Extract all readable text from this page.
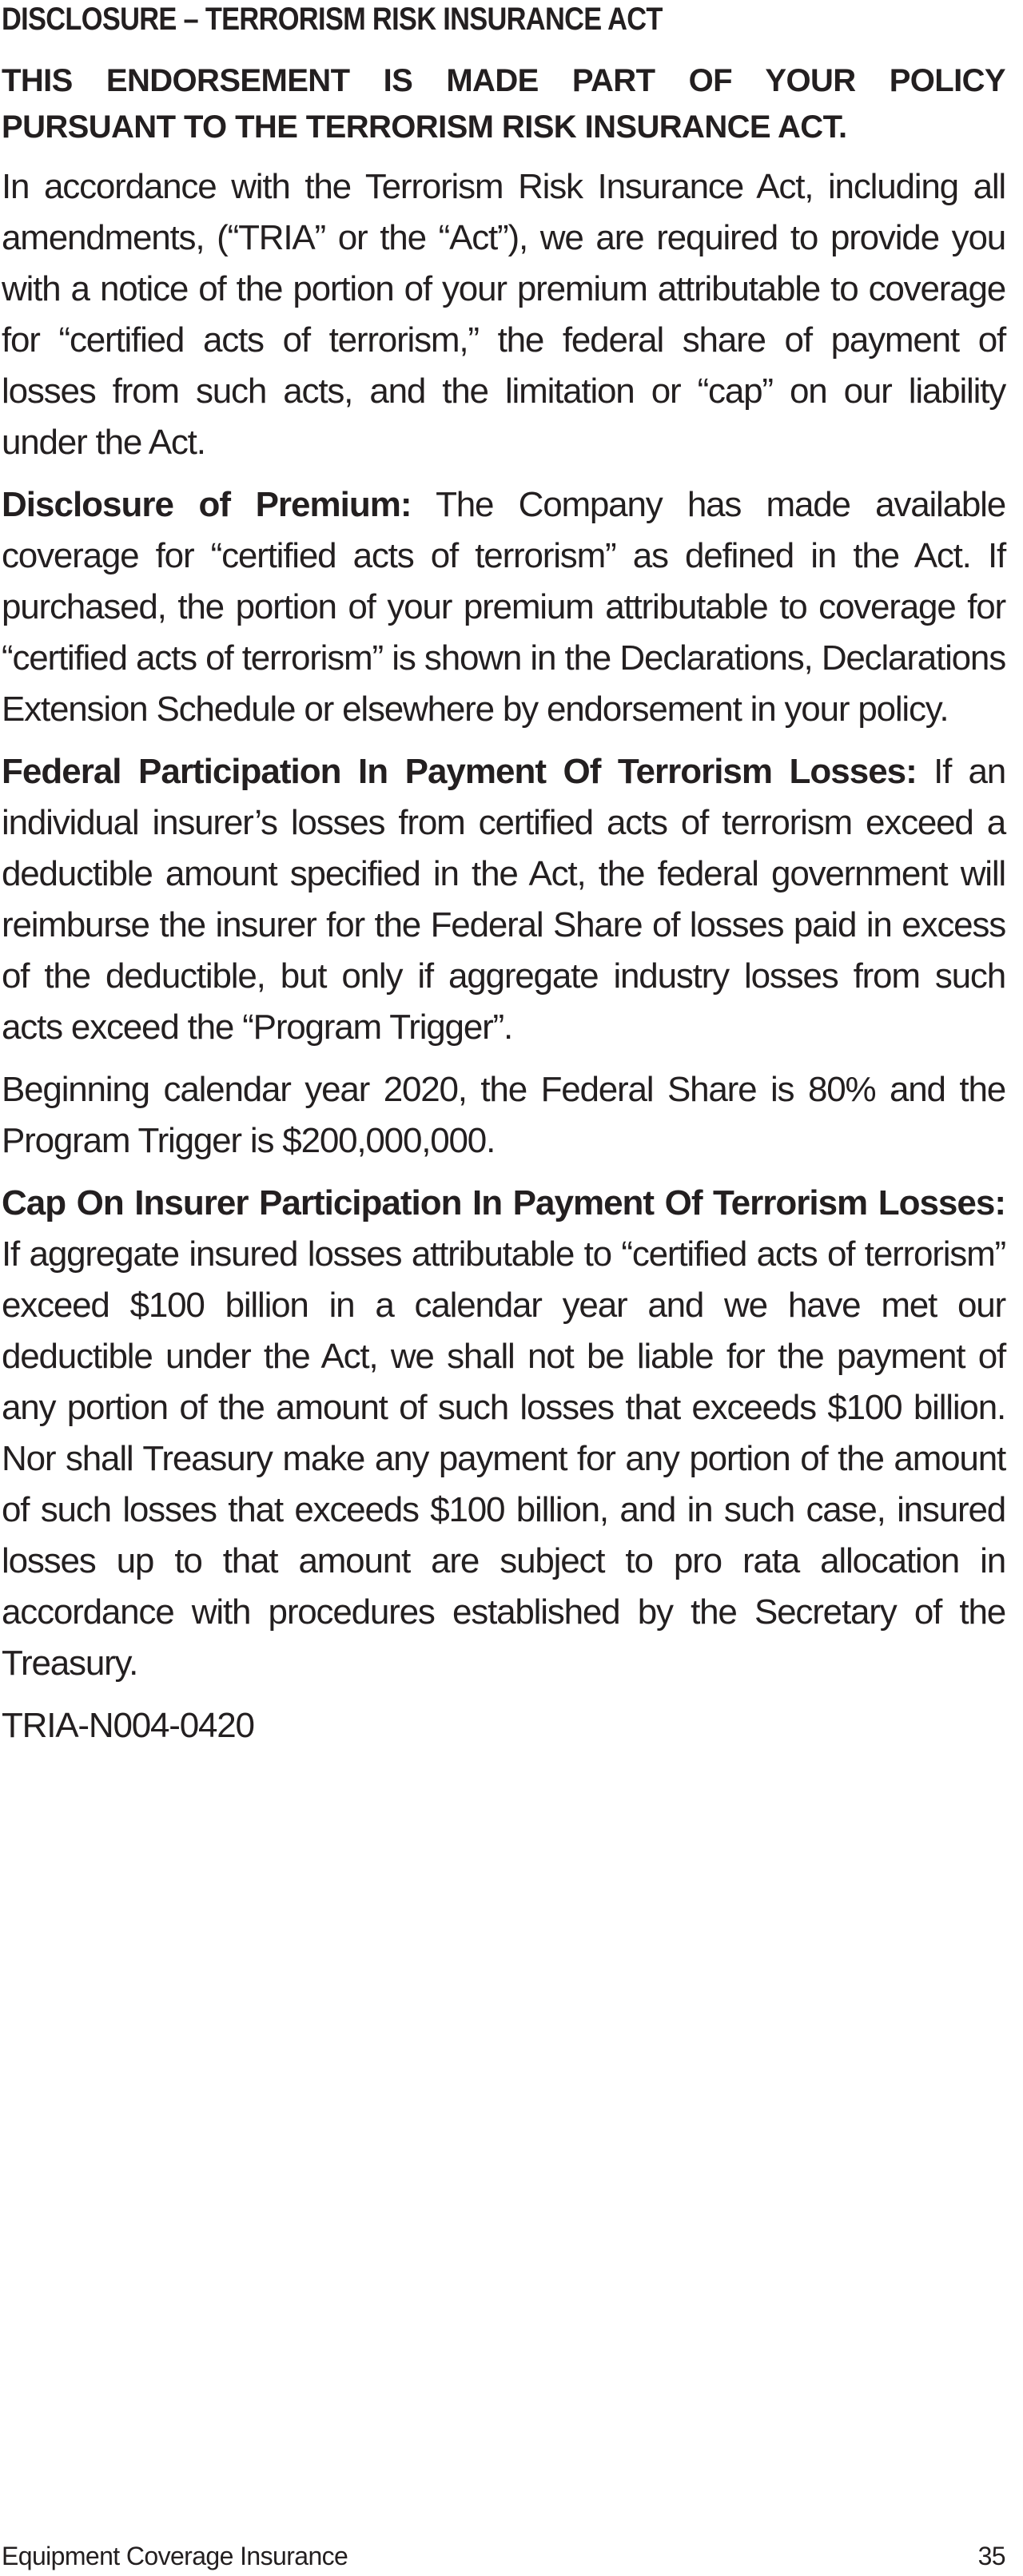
DISCLOSURE – TERRORISM RISK INSURANCE ACT

THIS ENDORSEMENT IS MADE PART OF YOUR POLICY PURSUANT TO THE TERRORISM RISK INSURANCE ACT.

In accordance with the Terrorism Risk Insurance Act, including all amendments, (“TRIA” or the “Act”), we are required to provide you with a notice of the portion of your premium attributable to coverage for “certified acts of terrorism,” the federal share of payment of losses from such acts, and the limitation or “cap” on our liability under the Act.

Disclosure of Premium: The Company has made available coverage for “certified acts of terrorism” as defined in the Act. If purchased, the portion of your premium attributable to coverage for “certified acts of terrorism” is shown in the Declarations, Declarations Extension Schedule or elsewhere by endorsement in your policy.

Federal Participation In Payment Of Terrorism Losses: If an individual insurer’s losses from certified acts of terrorism exceed a deductible amount specified in the Act, the federal government will reimburse the insurer for the Federal Share of losses paid in excess of the deductible, but only if aggregate industry losses from such acts exceed the “Program Trigger”.

Beginning calendar year 2020, the Federal Share is 80% and the Program Trigger is $200,000,000.

Cap On Insurer Participation In Payment Of Terrorism Losses: If aggregate insured losses attributable to “certified acts of terrorism” exceed $100 billion in a calendar year and we have met our deductible under the Act, we shall not be liable for the payment of any portion of the amount of such losses that exceeds $100 billion. Nor shall Treasury make any payment for any portion of the amount of such losses that exceeds $100 billion, and in such case, insured losses up to that amount are subject to pro rata allocation in accordance with procedures established by the Secretary of the Treasury.

TRIA-N004-0420

Equipment Coverage Insurance	35
